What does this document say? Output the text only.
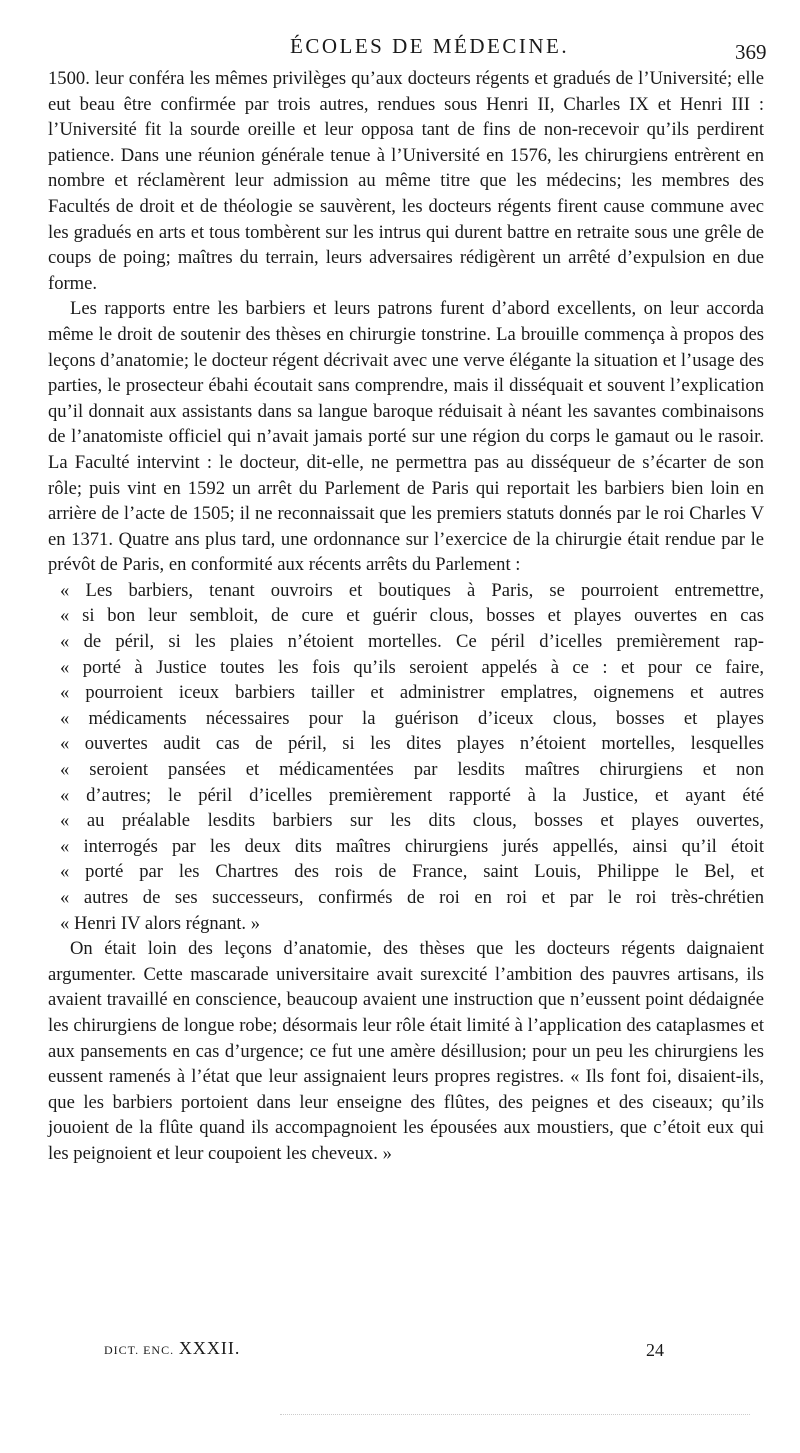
ÉCOLES DE MÉDECINE.	369

1500. leur conféra les mêmes privilèges qu’aux docteurs régents et gradués de l’Université; elle eut beau être confirmée par trois autres, rendues sous Henri II, Charles IX et Henri III : l’Université fit la sourde oreille et leur opposa tant de fins de non-recevoir qu’ils perdirent patience. Dans une réunion générale tenue à l’Université en 1576, les chirurgiens entrèrent en nombre et réclamèrent leur admission au même titre que les médecins; les membres des Facultés de droit et de théologie se sauvèrent, les docteurs régents firent cause commune avec les gradués en arts et tous tombèrent sur les intrus qui durent battre en retraite sous une grêle de coups de poing; maîtres du terrain, leurs adversaires rédigèrent un arrêté d’expulsion en due forme.

Les rapports entre les barbiers et leurs patrons furent d’abord excellents, on leur accorda même le droit de soutenir des thèses en chirurgie tonstrine. La brouille commença à propos des leçons d’anatomie; le docteur régent décrivait avec une verve élégante la situation et l’usage des parties, le prosecteur ébahi écoutait sans comprendre, mais il disséquait et souvent l’explication qu’il donnait aux assistants dans sa langue baroque réduisait à néant les savantes combinaisons de l’anatomiste officiel qui n’avait jamais porté sur une région du corps le gamaut ou le rasoir. La Faculté intervint : le docteur, dit-elle, ne permettra pas au disséqueur de s’écarter de son rôle; puis vint en 1592 un arrêt du Parlement de Paris qui reportait les barbiers bien loin en arrière de l’acte de 1505; il ne reconnaissait que les premiers statuts donnés par le roi Charles V en 1371. Quatre ans plus tard, une ordonnance sur l’exercice de la chirurgie était rendue par le prévôt de Paris, en conformité aux récents arrêts du Parlement :

« Les barbiers, tenant ouvroirs et boutiques à Paris, se pourroient entremettre,
« si bon leur sembloit, de cure et guérir clous, bosses et playes ouvertes en cas
« de péril, si les plaies n’étoient mortelles. Ce péril d’icelles premièrement rap-
« porté à Justice toutes les fois qu’ils seroient appelés à ce : et pour ce faire,
« pourroient iceux barbiers tailler et administrer emplatres, oignemens et autres
« médicaments nécessaires pour la guérison d’iceux clous, bosses et playes
« ouvertes audit cas de péril, si les dites playes n’étoient mortelles, lesquelles
« seroient pansées et médicamentées par lesdits maîtres chirurgiens et non
« d’autres; le péril d’icelles premièrement rapporté à la Justice, et ayant été
« au préalable lesdits barbiers sur les dits clous, bosses et playes ouvertes,
« interrogés par les deux dits maîtres chirurgiens jurés appellés, ainsi qu’il étoit
« porté par les Chartres des rois de France, saint Louis, Philippe le Bel, et
« autres de ses successeurs, confirmés de roi en roi et par le roi très-chrétien
« Henri IV alors régnant. »

On était loin des leçons d’anatomie, des thèses que les docteurs régents daignaient argumenter. Cette mascarade universitaire avait surexcité l’ambition des pauvres artisans, ils avaient travaillé en conscience, beaucoup avaient une instruction que n’eussent point dédaignée les chirurgiens de longue robe; désormais leur rôle était limité à l’application des cataplasmes et aux pansements en cas d’urgence; ce fut une amère désillusion; pour un peu les chirurgiens les eussent ramenés à l’état que leur assignaient leurs propres registres. « Ils font foi, disaient-ils, que les barbiers portoient dans leur enseigne des flûtes, des peignes et des ciseaux; qu’ils jouoient de la flûte quand ils accompagnoient les épousées aux moustiers, que c’étoit eux qui les peignoient et leur coupoient les cheveux. »

DICT. ENC. XXXII.	24
